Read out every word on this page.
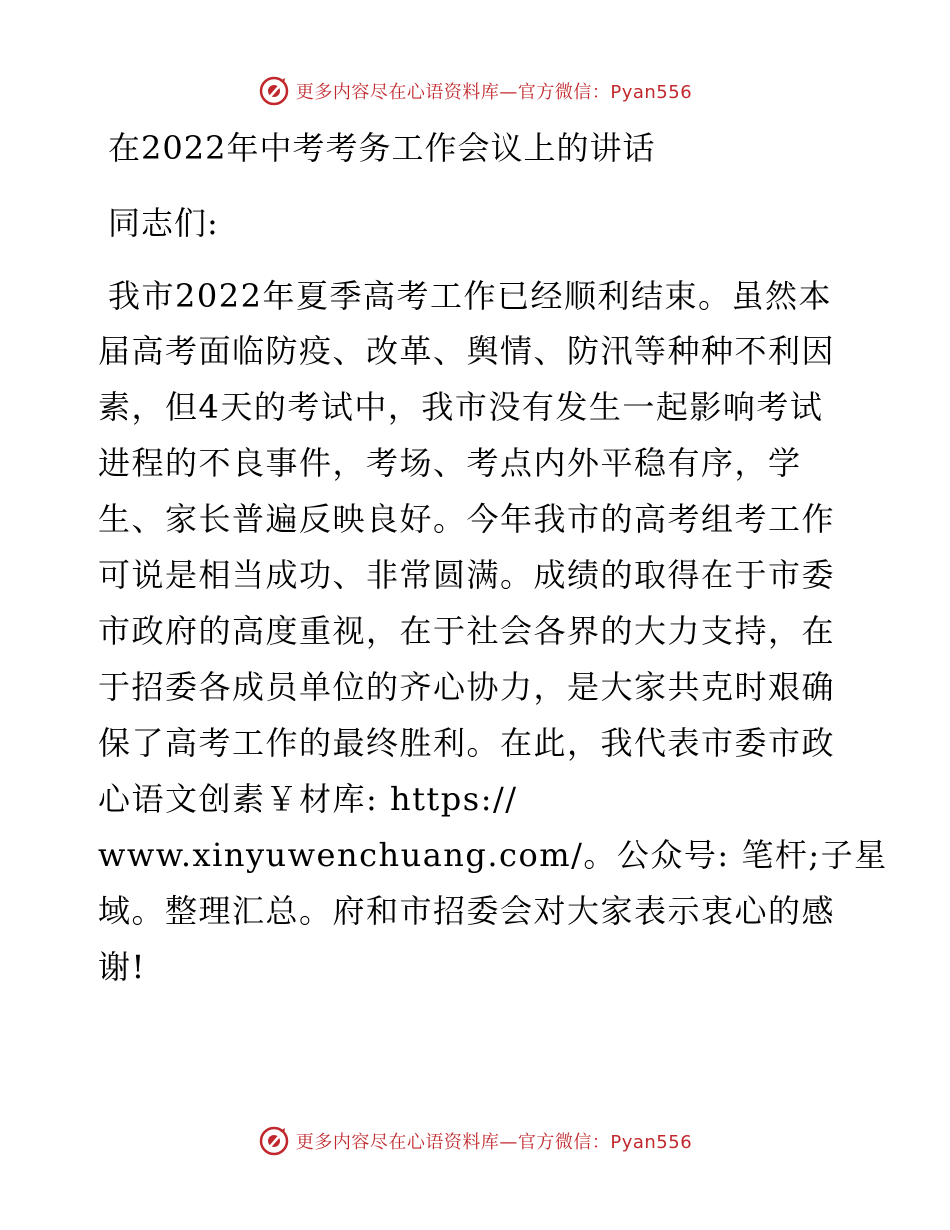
更多内容尽在心语资料库—官方微信：Pyan556
在2022年中考考务工作会议上的讲话
同志们:
我市2022年夏季高考工作已经顺利结束。虽然本
届高考面临防疫、改革、舆情、防汛等种种不利因
素，但4天的考试中，我市没有发生一起影响考试
进程的不良事件，考场、考点内外平稳有序，学
生、家长普遍反映良好。今年我市的高考组考工作
可说是相当成功、非常圆满。成绩的取得在于市委
市政府的高度重视，在于社会各界的大力支持，在
于招委各成员单位的齐心协力，是大家共克时艰确
保了高考工作的最终胜利。在此，我代表市委市政
心语文创素￥材库: https://
www.xinyuwenchuang.com/。公众号: 笔杆;子星
域。整理汇总。府和市招委会对大家表示衷心的感
谢!
更多内容尽在心语资料库—官方微信：Pyan556
